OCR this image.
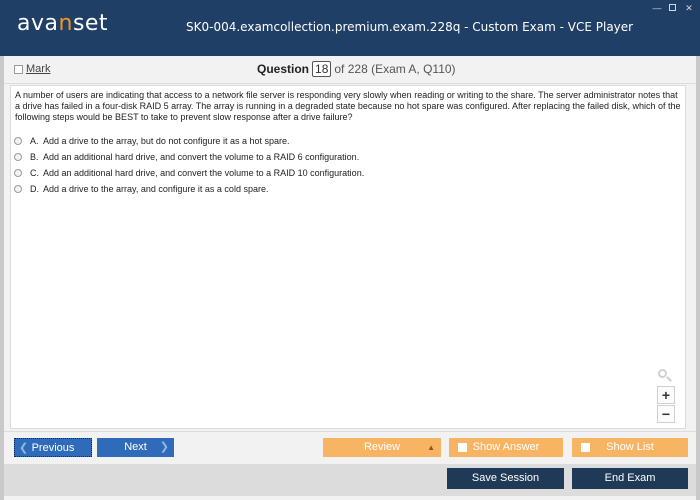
avanset	SK0-004.examcollection.premium.exam.228q - Custom Exam - VCE Player
—	✕
Mark	Question 18 of 228 (Exam A, Q110)
A number of users are indicating that access to a network file server is responding very slowly when reading or writing to the share. The server administrator notes that a drive has failed in a four-disk RAID 5 array. The array is running in a degraded state because no hot spare was configured. After replacing the failed disk, which of the following steps would be BEST to take to prevent slow response after a drive failure?
A. Add a drive to the array, but do not configure it as a hot spare.
B. Add an additional hard drive, and convert the volume to a RAID 6 configuration.
C. Add an additional hard drive, and convert the volume to a RAID 10 configuration.
D. Add a drive to the array, and configure it as a cold spare.
+
−
❮ Previous	Next ❯	Review	▲	Show Answer	Show List
Save Session	End Exam
